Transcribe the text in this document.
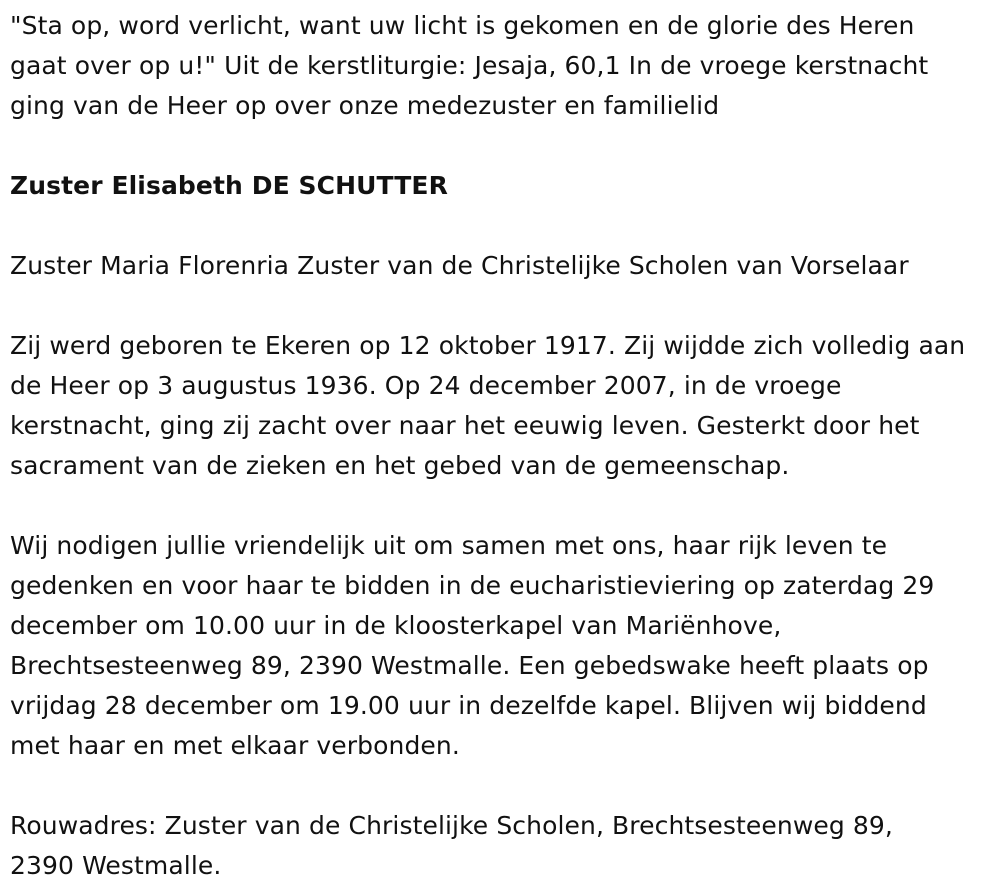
"Sta op, word verlicht, want uw licht is gekomen en de glorie des Heren
gaat over op u!" Uit de kerstliturgie: Jesaja, 60,1 In de vroege kerstnacht
ging van de Heer op over onze medezuster en familielid

Zuster Elisabeth DE SCHUTTER

Zuster Maria Florenria Zuster van de Christelijke Scholen van Vorselaar

Zij werd geboren te Ekeren op 12 oktober 1917. Zij wijdde zich volledig aan
de Heer op 3 augustus 1936. Op 24 december 2007, in de vroege
kerstnacht, ging zij zacht over naar het eeuwig leven. Gesterkt door het
sacrament van de zieken en het gebed van de gemeenschap.

Wij nodigen jullie vriendelijk uit om samen met ons, haar rijk leven te
gedenken en voor haar te bidden in de eucharistieviering op zaterdag 29
december om 10.00 uur in de kloosterkapel van Mariënhove,
Brechtsesteenweg 89, 2390 Westmalle. Een gebedswake heeft plaats op
vrijdag 28 december om 19.00 uur in dezelfde kapel. Blijven wij biddend
met haar en met elkaar verbonden.

Rouwadres: Zuster van de Christelijke Scholen, Brechtsesteenweg 89,
2390 Westmalle.
